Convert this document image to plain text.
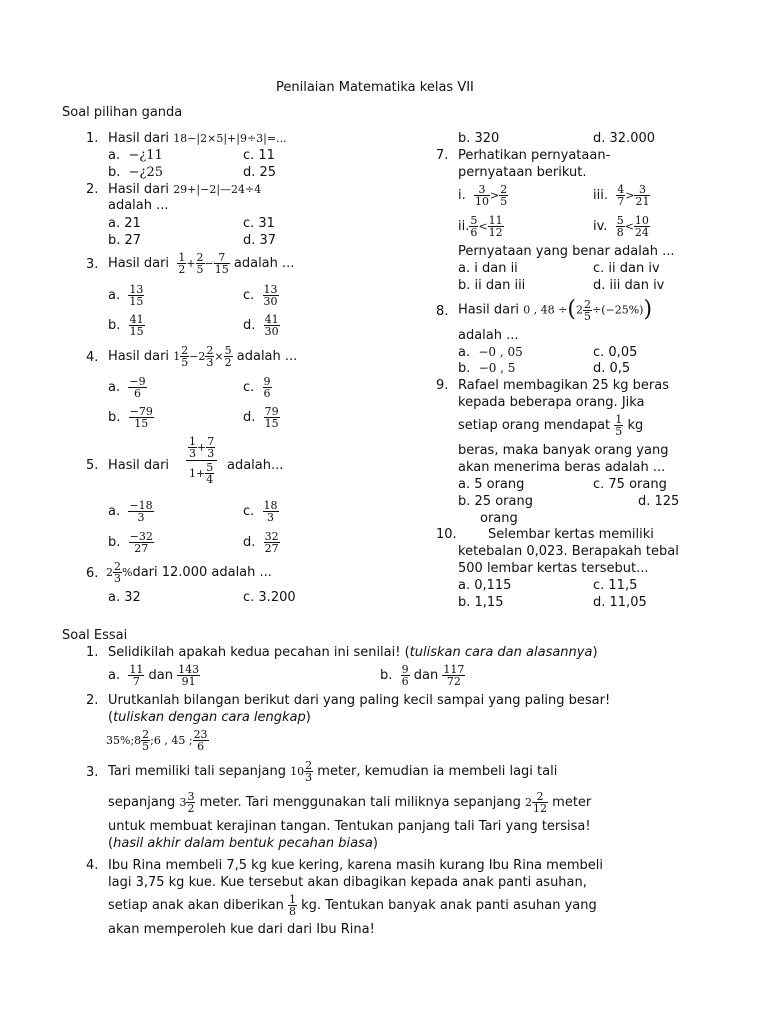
Penilaian Matematika kelas VII
Soal pilihan ganda
1. Hasil dari 18−|2×5|+|9÷3|=...
a. −¿11	c. 11
b. −¿25	d. 25
2. Hasil dari 29+|−2|—24÷4
adalah ...
a. 21	c. 31
b. 27	d. 37
3. Hasil dari $\frac{1}{2} + \frac{2}{5} - \frac{7}{15}$ adalah ...
a. $\frac{13}{15}$	c. $\frac{13}{30}$
b. $\frac{41}{15}$	d. $\frac{41}{30}$
4. Hasil dari $1 \frac{2}{5} -2 \frac{2}{3} \times \frac{5}{2}$ adalah ...
a. $\frac{-9}{6}$	c. $\frac{9}{6}$
b. $\frac{-79}{15}$	d. $\frac{79}{15}$
5. Hasil dari $\frac{\frac{1}{3} + \frac{7}{3}}{1+ \frac{5}{4}}$ adalah...
a. $\frac{-18}{3}$	c. $\frac{18}{3}$
b. $\frac{-32}{27}$	d. $\frac{32}{27}$
6. $2 \frac{2}{3}$ %dari 12.000 adalah ...
a. 32	c. 3.200
b. 320	d. 32.000
7. Perhatikan pernyataan-
pernyataan berikut.
i. $\frac{3}{10} > \frac{2}{5}$	iii. $\frac{4}{7} > \frac{3}{21}$
ii. $\frac{5}{6} < \frac{11}{12}$	iv. $\frac{5}{8} < \frac{10}{24}$
Pernyataan yang benar adalah ...
a. i dan ii	c. ii dan iv
b. ii dan iii	d. iii dan iv
8. Hasil dari 0 , $48 \div(2 \frac{2}{5} \div(-25\%))$
adalah ...
a. −0 , 05	c. 0,05
b. −0 , 5	d. 0,5
9. Rafael membagikan 25 kg beras
kepada beberapa orang. Jika
setiap orang mendapat $\frac{1}{5}$ kg
beras, maka banyak orang yang
akan menerima beras adalah ...
a. 5 orang	c. 75 orang
b. 25 orang	d. 125
orang
10. Selembar kertas memiliki
ketebalan 0,023. Berapakah tebal
500 lembar kertas tersebut...
a. 0,115	c. 11,5
b. 1,15	d. 11,05
Soal Essai
1. Selidikilah apakah kedua pecahan ini senilai! (tuliskan cara dan alasannya)
a. $\frac{11}{7}$ dan $\frac{143}{91}$	b. $\frac{9}{6}$ dan $\frac{117}{72}$
2. Urutkanlah bilangan berikut dari yang paling kecil sampai yang paling besar!
(tuliskan dengan cara lengkap)
35%;8 $\frac{2}{5}$ ;6 , 45 ; $\frac{23}{6}$
3. Tari memiliki tali sepanjang $10 \frac{2}{3}$ meter, kemudian ia membeli lagi tali
sepanjang $3 \frac{3}{2}$ meter. Tari menggunakan tali miliknya sepanjang $2 \frac{2}{12}$ meter
untuk membuat kerajinan tangan. Tentukan panjang tali Tari yang tersisa!
(hasil akhir dalam bentuk pecahan biasa)
4. Ibu Rina membeli 7,5 kg kue kering, karena masih kurang Ibu Rina membeli
lagi 3,75 kg kue. Kue tersebut akan dibagikan kepada anak panti asuhan,
setiap anak akan diberikan $\frac{1}{8}$ kg. Tentukan banyak anak panti asuhan yang
akan memperoleh kue dari dari Ibu Rina!
